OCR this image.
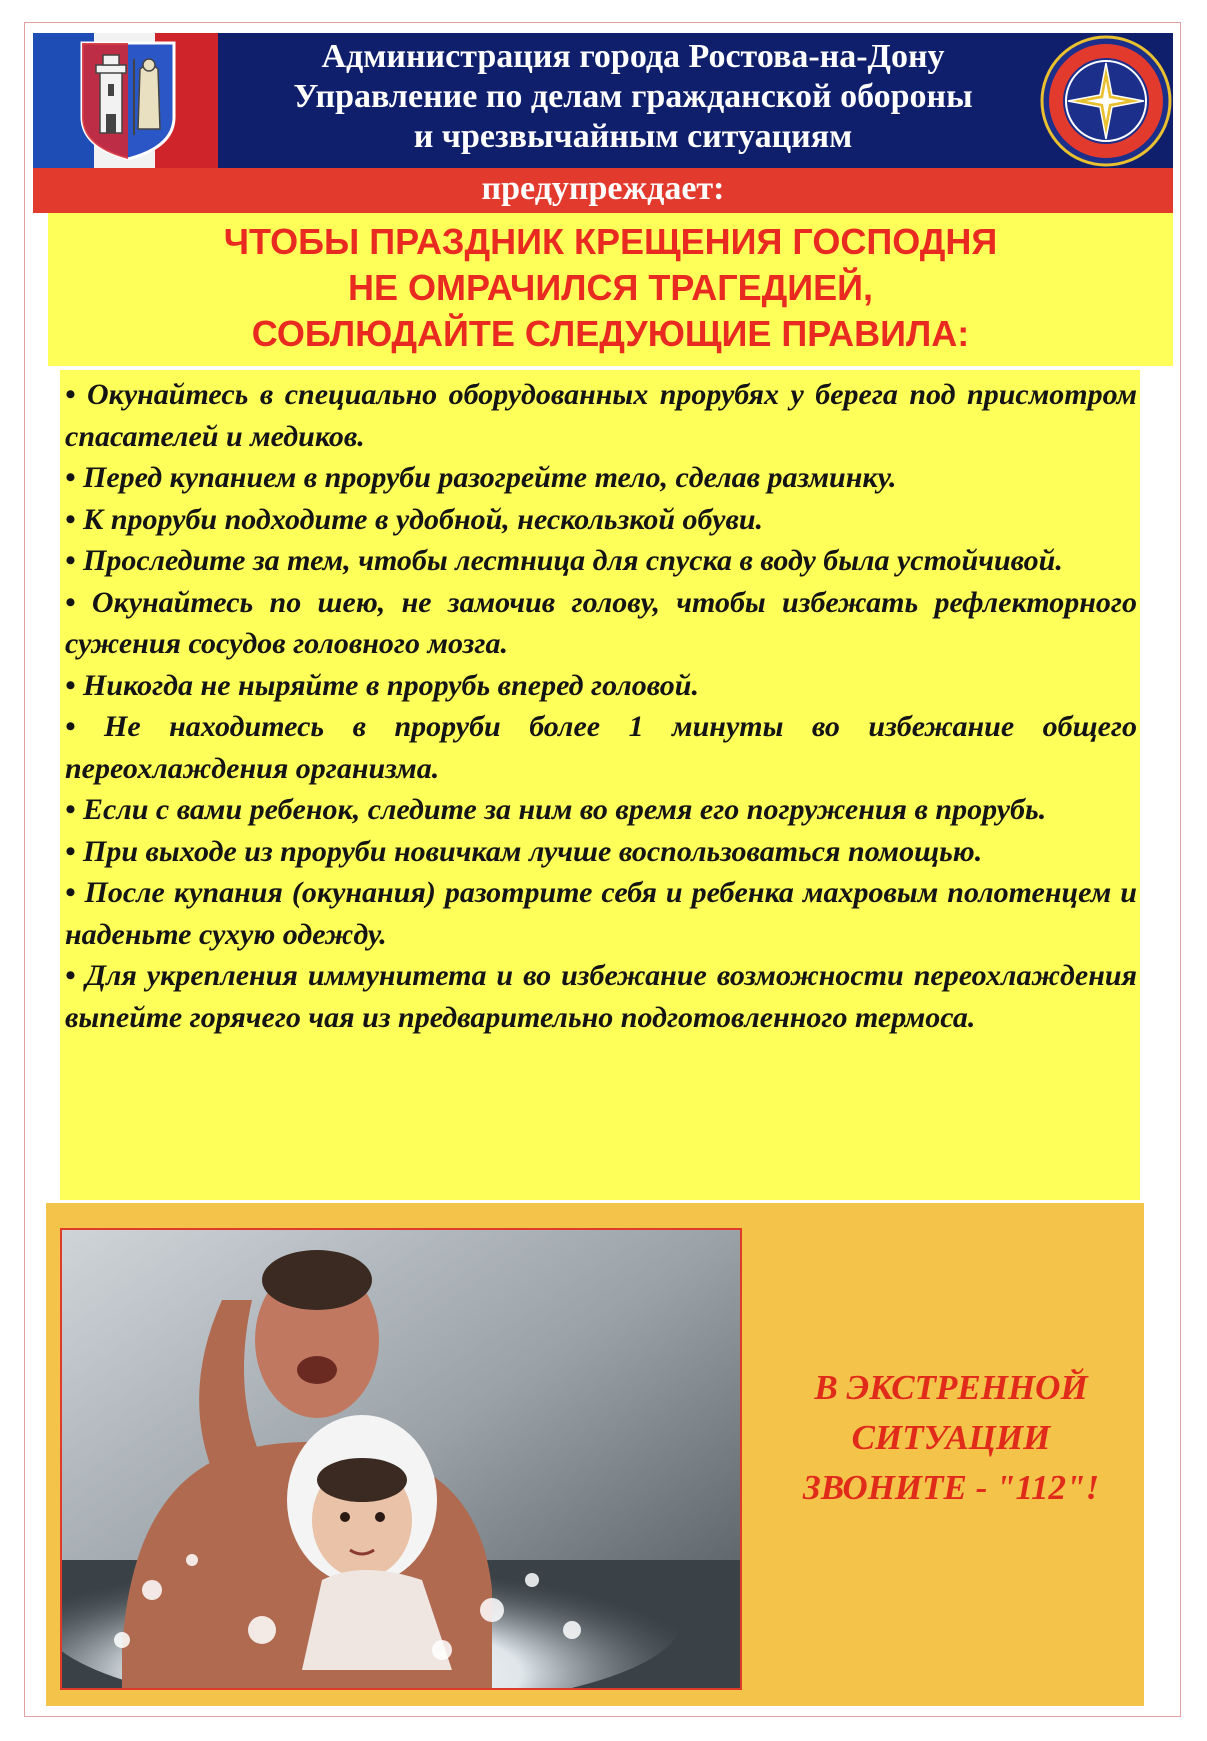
Администрация города Ростова-на-Дону
Управление по делам гражданской обороны
и чрезвычайным ситуациям
предупреждает:
ЧТОБЫ ПРАЗДНИК КРЕЩЕНИЯ ГОСПОДНЯ
НЕ ОМРАЧИЛСЯ ТРАГЕДИЕЙ,
СОБЛЮДАЙТЕ СЛЕДУЮЩИЕ ПРАВИЛА:
• Окунайтесь в специально оборудованных прорубях у берега под присмотром спасателей и медиков.
• Перед купанием в проруби разогрейте тело, сделав разминку.
• К проруби подходите в удобной, нескользкой обуви.
• Проследите за тем, чтобы лестница для спуска в воду была устойчивой.
• Окунайтесь по шею, не замочив голову, чтобы избежать рефлекторного сужения сосудов головного мозга.
• Никогда не ныряйте в прорубь вперед головой.
• Не находитесь в проруби более 1 минуты во избежание общего переохлаждения организма.
• Если с вами ребенок, следите за ним во время его погружения в прорубь.
• При выходе из проруби новичкам лучше воспользоваться помощью.
• После купания (окунания) разотрите себя и ребенка махровым полотенцем и наденьте сухую одежду.
• Для укрепления иммунитета и во избежание возможности переохлаждения выпейте горячего чая из предварительно подготовленного термоса.
В ЭКСТРЕННОЙ
СИТУАЦИИ
ЗВОНИТЕ - "112"!
